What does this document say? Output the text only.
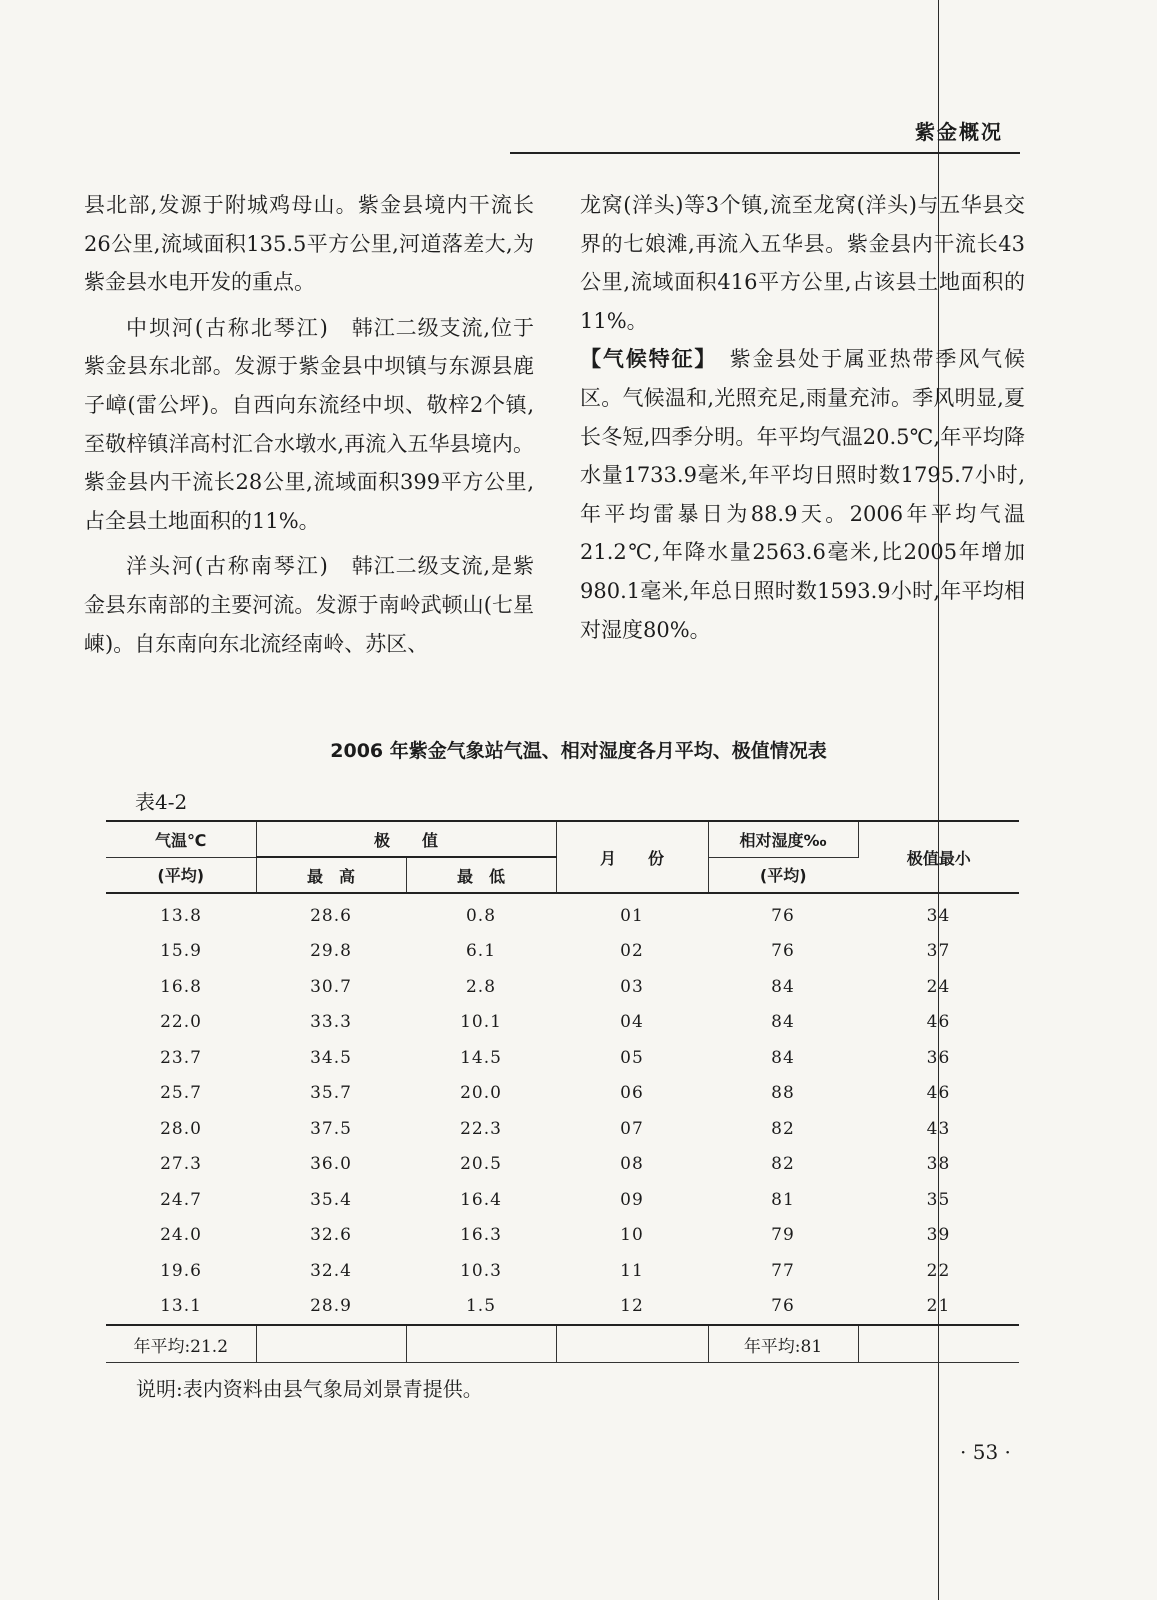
紫金概况

县北部,发源于附城鸡母山。紫金县境内干流长26公里,流域面积135.5平方公里,河道落差大,为紫金县水电开发的重点。

中坝河(古称北琴江)　 韩江二级支流,位于紫金县东北部。发源于紫金县中坝镇与东源县鹿子嶂(雷公坪)。自西向东流经中坝、敬梓2个镇,至敬梓镇洋高村汇合水墩水,再流入五华县境内。紫金县内干流长28公里,流域面积399平方公里,占全县土地面积的11%。

洋头河(古称南琴江)　 韩江二级支流,是紫金县东南部的主要河流。发源于南岭武顿山(七星崠)。自东南向东北流经南岭、苏区、

龙窝(洋头)等3个镇,流至龙窝(洋头)与五华县交界的七娘滩,再流入五华县。紫金县内干流长43公里,流域面积416平方公里,占该县土地面积的11%。

【气候特征】　 紫金县处于属亚热带季风气候区。气候温和,光照充足,雨量充沛。季风明显,夏长冬短,四季分明。年平均气温20.5℃,年平均降水量1733.9毫米,年平均日照时数1795.7小时,年平均雷暴日为88.9天。2006年平均气温21.2℃,年降水量2563.6毫米,比2005年增加980.1毫米,年总日照时数1593.9小时,年平均相对湿度80%。

2006 年紫金气象站气温、相对湿度各月平均、极值情况表
表4-2
气温℃	极　　值		月　　份	相对湿度‰	极值最小
(平均)	最　高	最　低		(平均)	
13.8	28.6	0.8	01	76	34
15.9	29.8	6.1	02	76	37
16.8	30.7	2.8	03	84	24
22.0	33.3	10.1	04	84	46
23.7	34.5	14.5	05	84	36
25.7	35.7	20.0	06	88	46
28.0	37.5	22.3	07	82	43
27.3	36.0	20.5	08	82	38
24.7	35.4	16.4	09	81	35
24.0	32.6	16.3	10	79	39
19.6	32.4	10.3	11	77	22
13.1	28.9	1.5	12	76	21
年平均:21.2				年平均:81	
说明:表内资料由县气象局刘景青提供。
· 53 ·
